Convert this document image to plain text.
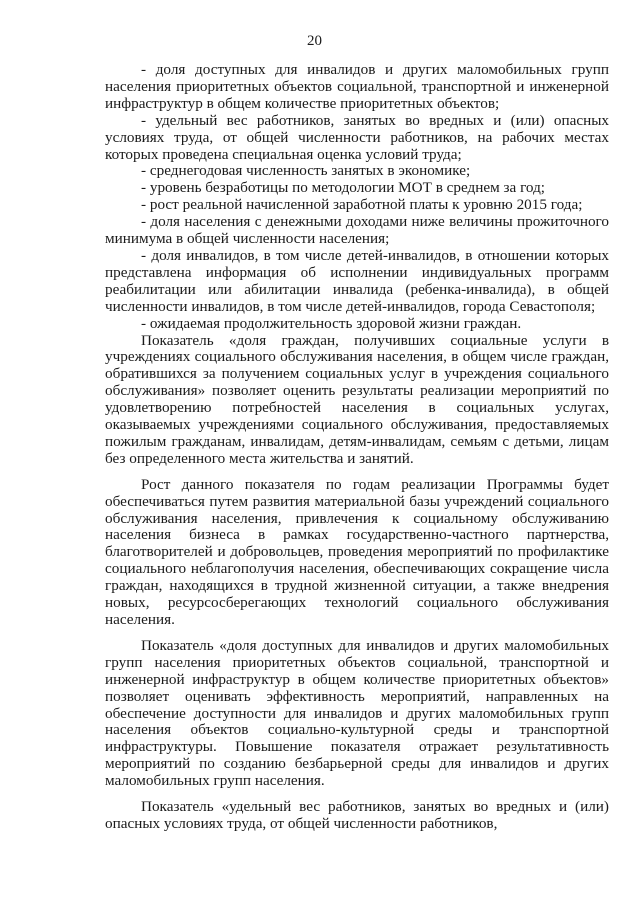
20

- доля доступных для инвалидов и других маломобильных групп населения приоритетных объектов социальной, транспортной и инженерной инфраструктур в общем количестве приоритетных объектов;

- удельный вес работников, занятых во вредных и (или) опасных условиях труда, от общей численности работников, на рабочих местах которых проведена специальная оценка условий труда;

- среднегодовая численность занятых в экономике;

- уровень безработицы по методологии МОТ в среднем за год;

- рост реальной начисленной заработной платы к уровню 2015 года;

- доля населения с денежными доходами ниже величины прожиточного минимума в общей численности населения;

- доля инвалидов, в том числе детей-инвалидов, в отношении которых представлена информация об исполнении индивидуальных программ реабилитации или абилитации инвалида (ребенка-инвалида), в общей численности инвалидов, в том числе детей-инвалидов, города Севастополя;

- ожидаемая продолжительность здоровой жизни граждан.

Показатель «доля граждан, получивших социальные услуги в учреждениях социального обслуживания населения, в общем числе граждан, обратившихся за получением социальных услуг в учреждения социального обслуживания» позволяет оценить результаты реализации мероприятий по удовлетворению потребностей населения в социальных услугах, оказываемых учреждениями социального обслуживания, предоставляемых пожилым гражданам, инвалидам, детям-инвалидам, семьям с детьми, лицам без определенного места жительства и занятий.

Рост данного показателя по годам реализации Программы будет обеспечиваться путем развития материальной базы учреждений социального обслуживания населения, привлечения к социальному обслуживанию населения бизнеса в рамках государственно-частного партнерства, благотворителей и добровольцев, проведения мероприятий по профилактике социального неблагополучия населения, обеспечивающих сокращение числа граждан, находящихся в трудной жизненной ситуации, а также внедрения новых, ресурсосберегающих технологий социального обслуживания населения.

Показатель «доля доступных для инвалидов и других маломобильных групп населения приоритетных объектов социальной, транспортной и инженерной инфраструктур в общем количестве приоритетных объектов» позволяет оценивать эффективность мероприятий, направленных на обеспечение доступности для инвалидов и других маломобильных групп населения объектов социально-культурной среды и транспортной инфраструктуры. Повышение показателя отражает результативность мероприятий по созданию безбарьерной среды для инвалидов и других маломобильных групп населения.

Показатель «удельный вес работников, занятых во вредных и (или) опасных условиях труда, от общей численности работников,
